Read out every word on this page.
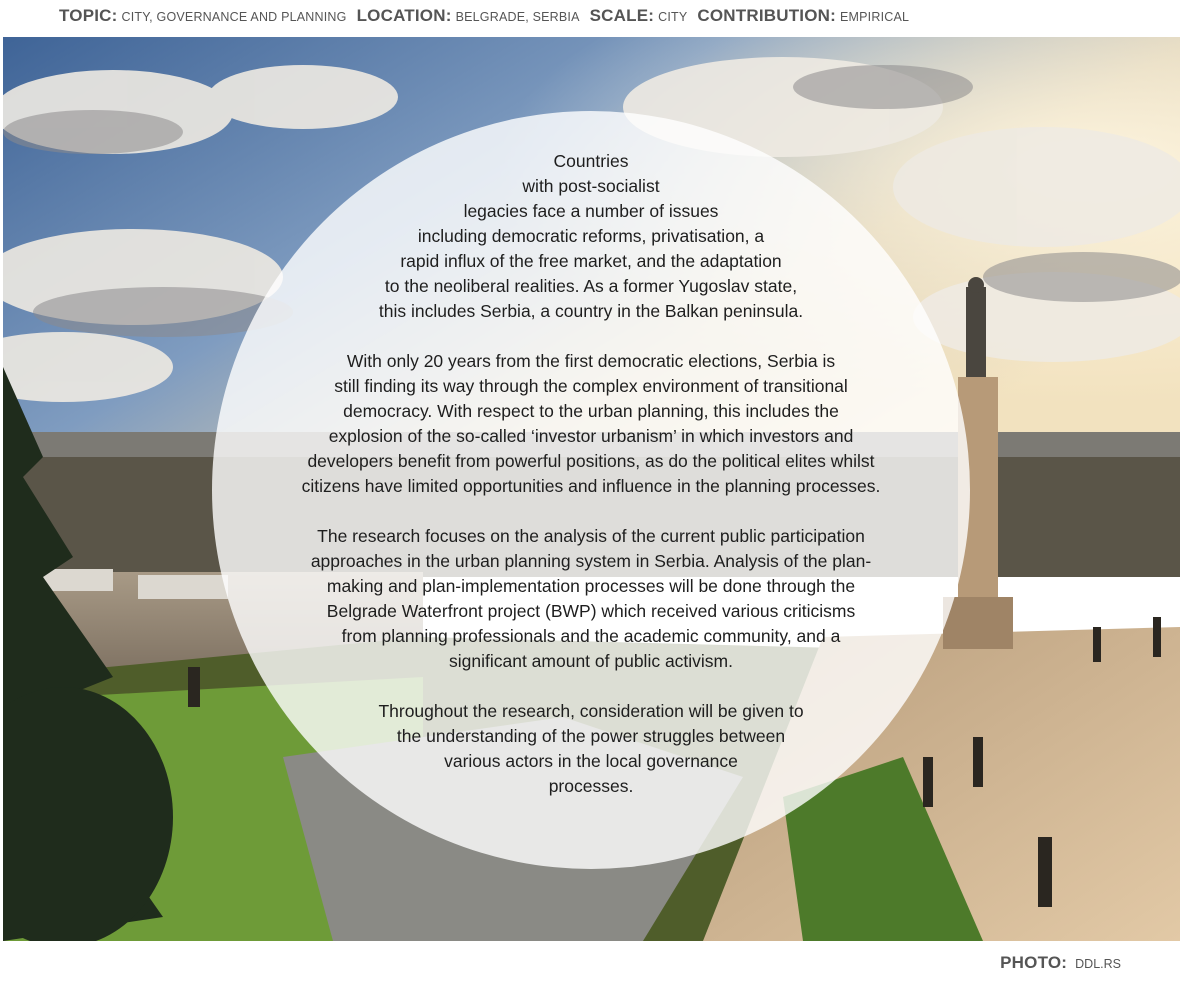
TOPIC: CITY, GOVERNANCE AND PLANNING LOCATION: BELGRADE, SERBIA SCALE: CITY CONTRIBUTION: EMPIRICAL

Countries
with post-socialist
legacies face a number of issues
including democratic reforms, privatisation, a
rapid influx of the free market, and the adaptation
to the neoliberal realities. As a former Yugoslav state,
this includes Serbia, a country in the Balkan peninsula.

With only 20 years from the first democratic elections, Serbia is
still finding its way through the complex environment of transitional
democracy. With respect to the urban planning, this includes the
explosion of the so-called ‘investor urbanism’ in which investors and
developers benefit from powerful positions, as do the political elites whilst
citizens have limited opportunities and influence in the planning processes.

The research focuses on the analysis of the current public participation
approaches in the urban planning system in Serbia. Analysis of the plan-
making and plan-implementation processes will be done through the
Belgrade Waterfront project (BWP) which received various criticisms
from planning professionals and the academic community, and a
significant amount of public activism.

Throughout the research, consideration will be given to
the understanding of the power struggles between
various actors in the local governance
processes.

PHOTO: DDL.RS
